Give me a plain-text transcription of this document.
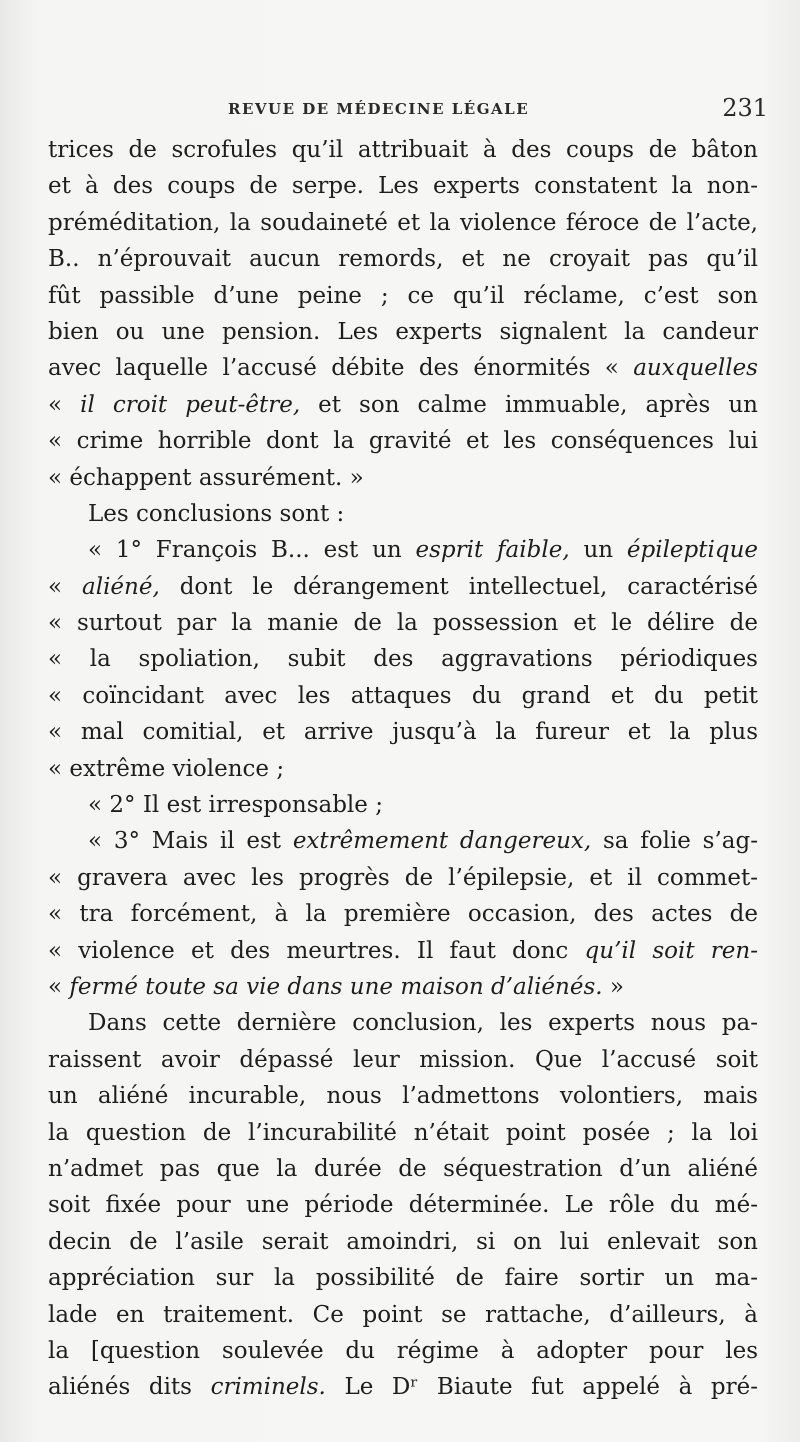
REVUE DE MÉDECINE LÉGALE	231
trices de scrofules qu’il attribuait à des coups de bâton
et à des coups de serpe. Les experts constatent la non-
préméditation, la soudaineté et la violence féroce de l’acte,
B.. n’éprouvait aucun remords, et ne croyait pas qu’il
fût passible d’une peine ; ce qu’il réclame, c’est son
bien ou une pension. Les experts signalent la candeur
avec laquelle l’accusé débite des énormités « auxquelles
« il croit peut-être, et son calme immuable, après un
« crime horrible dont la gravité et les conséquences lui
« échappent assurément. »
Les conclusions sont :
« 1° François B... est un esprit faible, un épileptique
« aliéné, dont le dérangement intellectuel, caractérisé
« surtout par la manie de la possession et le délire de
« la spoliation, subit des aggravations périodiques
« coïncidant avec les attaques du grand et du petit
« mal comitial, et arrive jusqu’à la fureur et la plus
« extrême violence ;
« 2° Il est irresponsable ;
« 3° Mais il est extrêmement dangereux, sa folie s’ag-
« gravera avec les progrès de l’épilepsie, et il commet-
« tra forcément, à la première occasion, des actes de
« violence et des meurtres. Il faut donc qu’il soit ren-
« fermé toute sa vie dans une maison d’aliénés. »
Dans cette dernière conclusion, les experts nous pa-
raissent avoir dépassé leur mission. Que l’accusé soit
un aliéné incurable, nous l’admettons volontiers, mais
la question de l’incurabilité n’était point posée ; la loi
n’admet pas que la durée de séquestration d’un aliéné
soit fixée pour une période déterminée. Le rôle du mé-
decin de l’asile serait amoindri, si on lui enlevait son
appréciation sur la possibilité de faire sortir un ma-
lade en traitement. Ce point se rattache, d’ailleurs, à
la [question soulevée du régime à adopter pour les
aliénés dits criminels. Le Dʳ Biaute fut appelé à pré-
